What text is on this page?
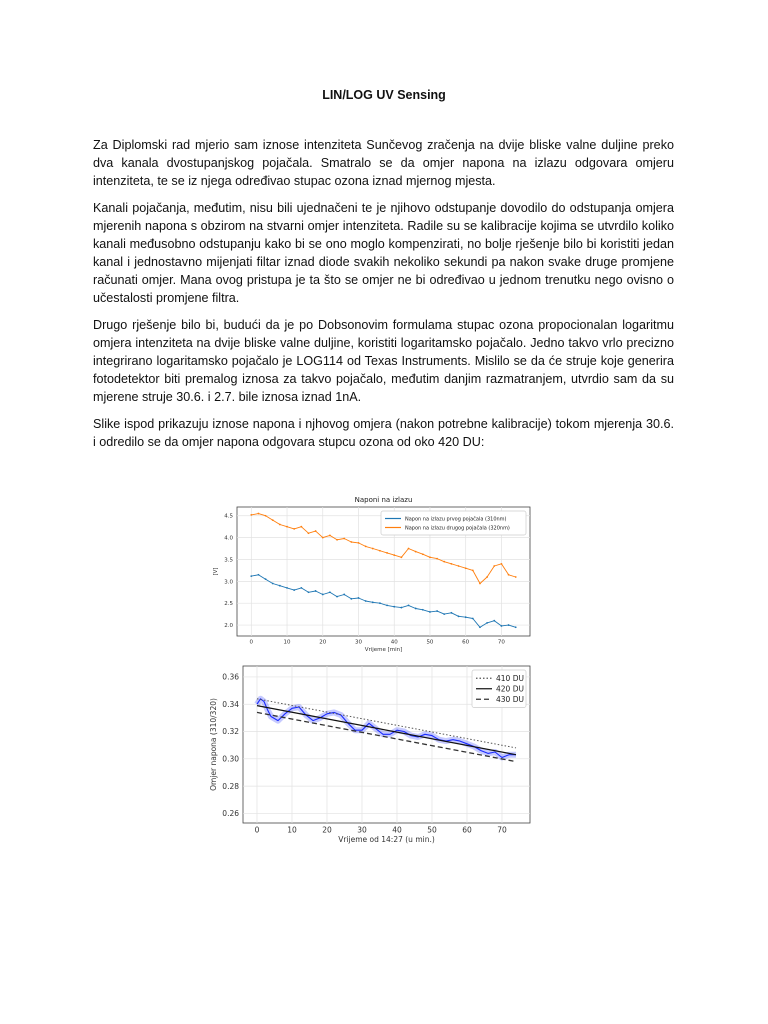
LIN/LOG UV Sensing

Za Diplomski rad mjerio sam iznose intenziteta Sunčevog zračenja na dvije bliske valne duljine preko dva kanala dvostupanjskog pojačala. Smatralo se da omjer napona na izlazu odgovara omjeru intenziteta, te se iz njega određivao stupac ozona iznad mjernog mjesta.

Kanali pojačanja, međutim, nisu bili ujednačeni te je njihovo odstupanje dovodilo do odstupanja omjera mjerenih napona s obzirom na stvarni omjer intenziteta. Radile su se kalibracije kojima se utvrdilo koliko kanali međusobno odstupanju kako bi se ono moglo kompenzirati, no bolje rješenje bilo bi koristiti jedan kanal i jednostavno mijenjati filtar iznad diode svakih nekoliko sekundi pa nakon svake druge promjene računati omjer. Mana ovog pristupa je ta što se omjer ne bi određivao u jednom trenutku nego ovisno o učestalosti promjene filtra.

Drugo rješenje bilo bi, budući da je po Dobsonovim formulama stupac ozona propocionalan logaritmu omjera intenziteta na dvije bliske valne duljine, koristiti logaritamsko pojačalo. Jedno takvo vrlo precizno integrirano logaritamsko pojačalo je LOG114 od Texas Instruments. Mislilo se da će struje koje generira fotodetektor biti premalog iznosa za takvo pojačalo, međutim danjim razmatranjem, utvrdio sam da su mjerene struje 30.6. i 2.7. bile iznosa iznad 1nA.

Slike ispod prikazuju iznose napona i njhovog omjera (nakon potrebne kalibracije) tokom mjerenja 30.6. i odredilo se da omjer napona odgovara stupcu ozona od oko 420 DU:

0	10	20	30	40	50	60	70
2.0
2.5
3.0
3.5
4.0
4.5
Naponi na izlazu
Vrijeme [min]
[V]
Napon na izlazu prvog pojačala (310nm)
Napon na izlazu drugog pojačala (320nm)
0	10	20	30	40	50	60	70
0.26
0.28
0.30
0.32
0.34
0.36
Vrijeme od 14:27 (u min.)
Omjer napona (310/320)
410 DU
420 DU
430 DU
